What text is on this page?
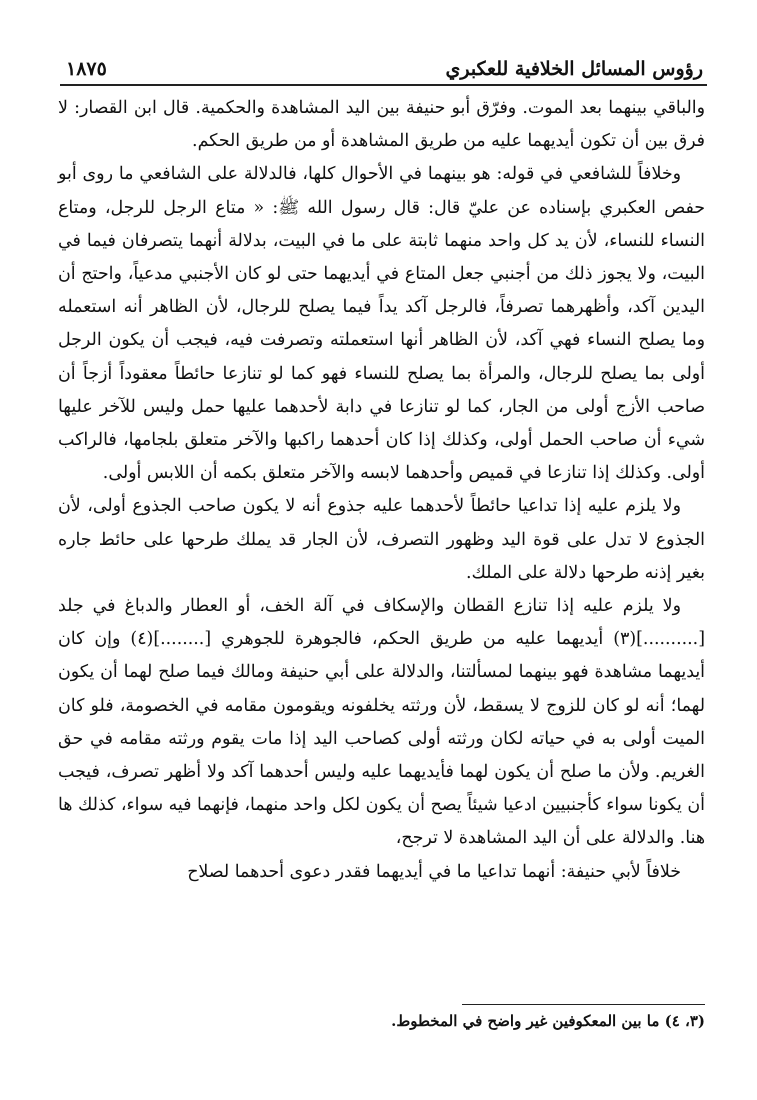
رؤوس المسائل الخلافية للعكبري
١٨٧٥

والباقي بينهما بعد الموت. وفرّق أبو حنيفة بين اليد المشاهدة والحكمية. قال ابن القصار: لا فرق بين أن تكون أيديهما عليه من طريق المشاهدة أو من طريق الحكم.

وخلافاً للشافعي في قوله: هو بينهما في الأحوال كلها، فالدلالة على الشافعي ما روى أبو حفص العكبري بإسناده عن عليّ قال: قال رسول الله ﷺ: « متاع الرجل للرجل، ومتاع النساء للنساء، لأن يد كل واحد منهما ثابتة على ما في البيت، بدلالة أنهما يتصرفان فيما في البيت، ولا يجوز ذلك من أجنبي جعل المتاع في أيديهما حتى لو كان الأجنبي مدعياً، واحتج أن اليدين آكد، وأظهرهما تصرفاً، فالرجل آكد يداً فيما يصلح للرجال، لأن الظاهر أنه استعمله وما يصلح النساء فهي آكد، لأن الظاهر أنها استعملته وتصرفت فيه، فيجب أن يكون الرجل أولى بما يصلح للرجال، والمرأة بما يصلح للنساء فهو كما لو تنازعا حائطاً معقوداً أزجاً أن صاحب الأزج أولى من الجار، كما لو تنازعا في دابة لأحدهما عليها حمل وليس للآخر عليها شيء أن صاحب الحمل أولى، وكذلك إذا كان أحدهما راكبها والآخر متعلق بلجامها، فالراكب أولى. وكذلك إذا تنازعا في قميص وأحدهما لابسه والآخر متعلق بكمه أن اللابس أولى.

ولا يلزم عليه إذا تداعيا حائطاً لأحدهما عليه جذوع أنه لا يكون صاحب الجذوع أولى، لأن الجذوع لا تدل على قوة اليد وظهور التصرف، لأن الجار قد يملك طرحها على حائط جاره بغير إذنه طرحها دلالة على الملك.

ولا يلزم عليه إذا تنازع القطان والإسكاف في آلة الخف، أو العطار والدباغ في جلد [..........](٣) أيديهما عليه من طريق الحكم، فالجوهرة للجوهري [........](٤) وإن كان أيديهما مشاهدة فهو بينهما لمسألتنا، والدلالة على أبي حنيفة ومالك فيما صلح لهما أن يكون لهما؛ أنه لو كان للزوج لا يسقط، لأن ورثته يخلفونه ويقومون مقامه في الخصومة، فلو كان الميت أولى به في حياته لكان ورثته أولى كصاحب اليد إذا مات يقوم ورثته مقامه في حق الغريم. ولأن ما صلح أن يكون لهما فأيديهما عليه وليس أحدهما آكد ولا أظهر تصرف، فيجب أن يكونا سواء كأجنبيين ادعيا شيئاً يصح أن يكون لكل واحد منهما، فإنهما فيه سواء، كذلك ها هنا. والدلالة على أن اليد المشاهدة لا ترجح،

خلافاً لأبي حنيفة: أنهما تداعيا ما في أيديهما فقدر دعوى أحدهما لصلاح

(٣، ٤) ما بين المعكوفين غير واضح في المخطوط.
